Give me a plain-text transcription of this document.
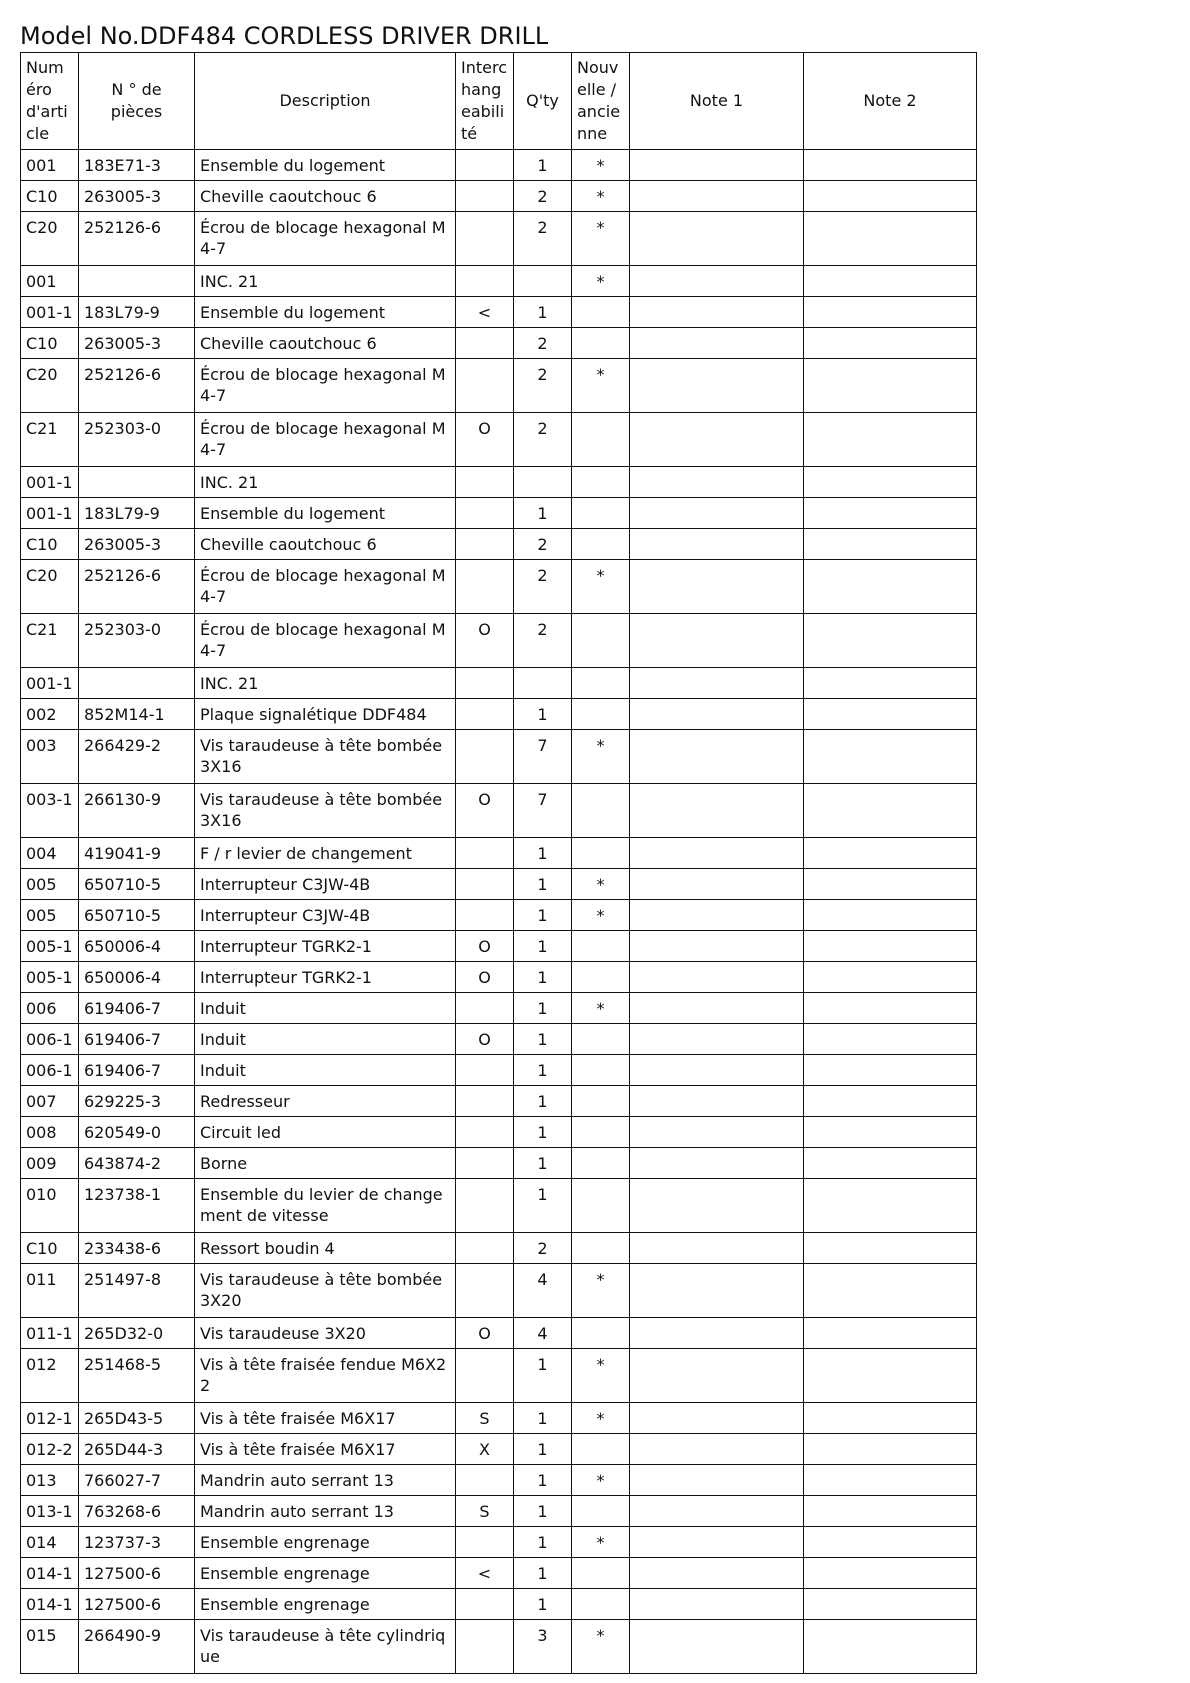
Model No.DDF484 CORDLESS DRIVER DRILL
Numéro d'article	N ° de pièces	Description	Interchangeabilité	Q'ty	Nouvelle / ancienne	Note 1	Note 2
001	183E71-3	Ensemble du logement		1	*		
C10	263005-3	Cheville caoutchouc 6		2	*		
C20	252126-6	Écrou de blocage hexagonal M4-7		2	*		
001		INC. 21			*		
001-1	183L79-9	Ensemble du logement	<	1			
C10	263005-3	Cheville caoutchouc 6		2			
C20	252126-6	Écrou de blocage hexagonal M4-7		2	*		
C21	252303-0	Écrou de blocage hexagonal M4-7	O	2			
001-1		INC. 21					
001-1	183L79-9	Ensemble du logement		1			
C10	263005-3	Cheville caoutchouc 6		2			
C20	252126-6	Écrou de blocage hexagonal M4-7		2	*		
C21	252303-0	Écrou de blocage hexagonal M4-7	O	2			
001-1		INC. 21					
002	852M14-1	Plaque signalétique DDF484		1			
003	266429-2	Vis taraudeuse à tête bombée 3X16		7	*		
003-1	266130-9	Vis taraudeuse à tête bombée 3X16	O	7			
004	419041-9	F / r levier de changement		1			
005	650710-5	Interrupteur C3JW-4B		1	*		
005	650710-5	Interrupteur C3JW-4B		1	*		
005-1	650006-4	Interrupteur TGRK2-1	O	1			
005-1	650006-4	Interrupteur TGRK2-1	O	1			
006	619406-7	Induit		1	*		
006-1	619406-7	Induit	O	1			
006-1	619406-7	Induit		1			
007	629225-3	Redresseur		1			
008	620549-0	Circuit led		1			
009	643874-2	Borne		1			
010	123738-1	Ensemble du levier de changement de vitesse		1			
C10	233438-6	Ressort boudin 4		2			
011	251497-8	Vis taraudeuse à tête bombée 3X20		4	*		
011-1	265D32-0	Vis taraudeuse 3X20	O	4			
012	251468-5	Vis à tête fraisée fendue M6X22		1	*		
012-1	265D43-5	Vis à tête fraisée M6X17	S	1	*		
012-2	265D44-3	Vis à tête fraisée M6X17	X	1			
013	766027-7	Mandrin auto serrant 13		1	*		
013-1	763268-6	Mandrin auto serrant 13	S	1			
014	123737-3	Ensemble engrenage		1	*		
014-1	127500-6	Ensemble engrenage	<	1			
014-1	127500-6	Ensemble engrenage		1			
015	266490-9	Vis taraudeuse à tête cylindrique		3	*		
